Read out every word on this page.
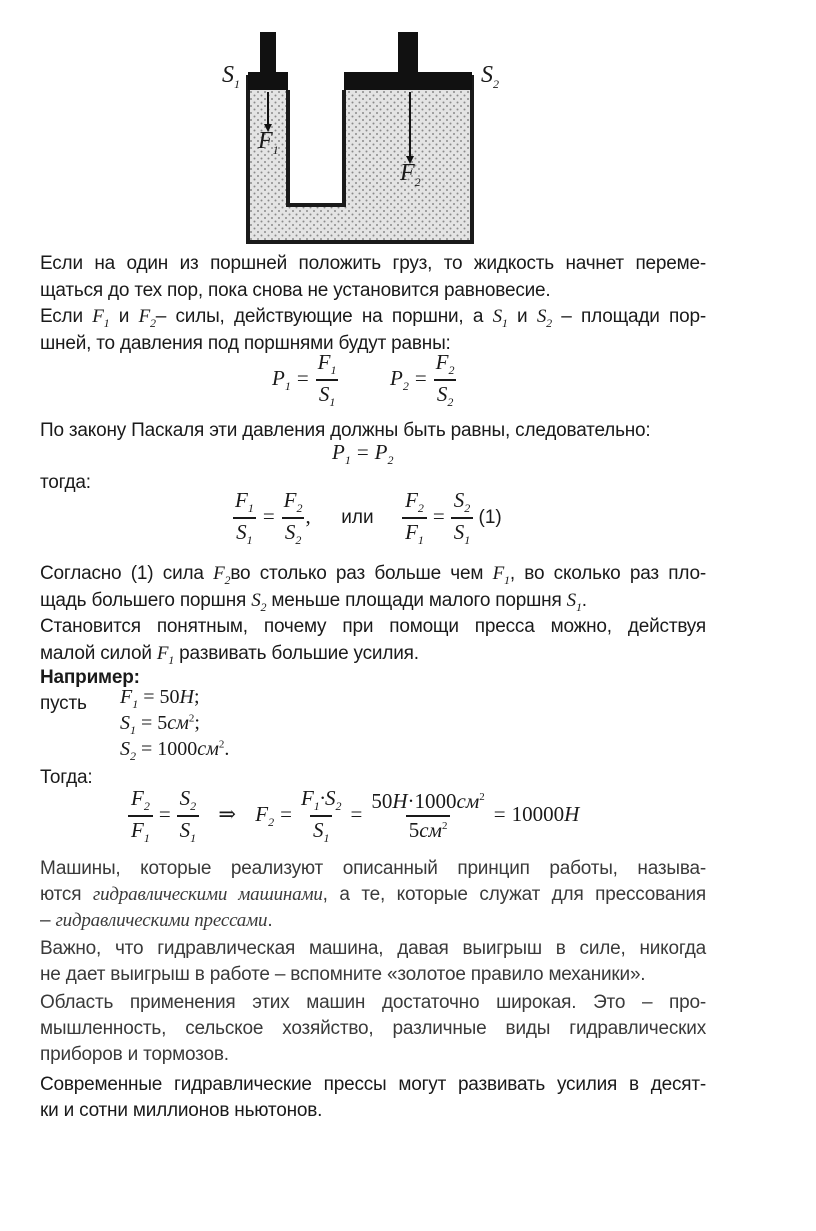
$S_1$	$S_2$
$F_1$
$F_2$
Если на один из поршней положить груз, то жидкость начнет переме-
щаться до тех пор, пока снова не установится равновесие.
Если $F_1$ и $F_2-$ силы, действующие на поршни, а $S_1$ и $S_2$ – площади пор-
шней, то давления под поршнями будут равны:
$P_1 = \frac{F_1}{S_1} P_2 = \frac{F_2}{S_2}$
По закону Паскаля эти давления должны быть равны, следовательно:
$P_1 = P_2$
тогда:
$\frac{F_1}{S_1} = \frac{F_2}{S_2}$ , или $\frac{F_2}{F_1} = \frac{S_2}{S_1} (1)$
Согласно (1) сила $F_2во$ столько раз больше чем $F_1$, во сколько раз пло-
щадь большего поршня $S_2$ меньше площади малого поршня $S_1$.
Становится понятным, почему при помощи пресса можно, действуя
малой силой $F_1$ развивать большие усилия.
Например:
пусть	$F_1 = 50H$;
$S_1 = 5см^2$;
$S_2 = 1000см^2$.
Тогда:
$\frac{F_2}{F_1} = \frac{S_2}{S_1}$ ⇒ $F_2 = \frac{F_1\cdot S_2}{S_1} = \frac{50H\cdot 1000см^2}{5см^2} = 10000H$
Машины, которые реализуют описанный принцип работы, называ-
ются гидравлическими машинами, а те, которые служат для прессования
– гидравлическими прессами.
Важно, что гидравлическая машина, давая выигрыш в силе, никогда
не дает выигрыш в работе – вспомните «золотое правило механики».
Область применения этих машин достаточно широкая. Это – про-
мышленность, сельское хозяйство, различные виды гидравлических
приборов и тормозов.
Современные гидравлические прессы могут развивать усилия в десят-
ки и сотни миллионов ньютонов.
